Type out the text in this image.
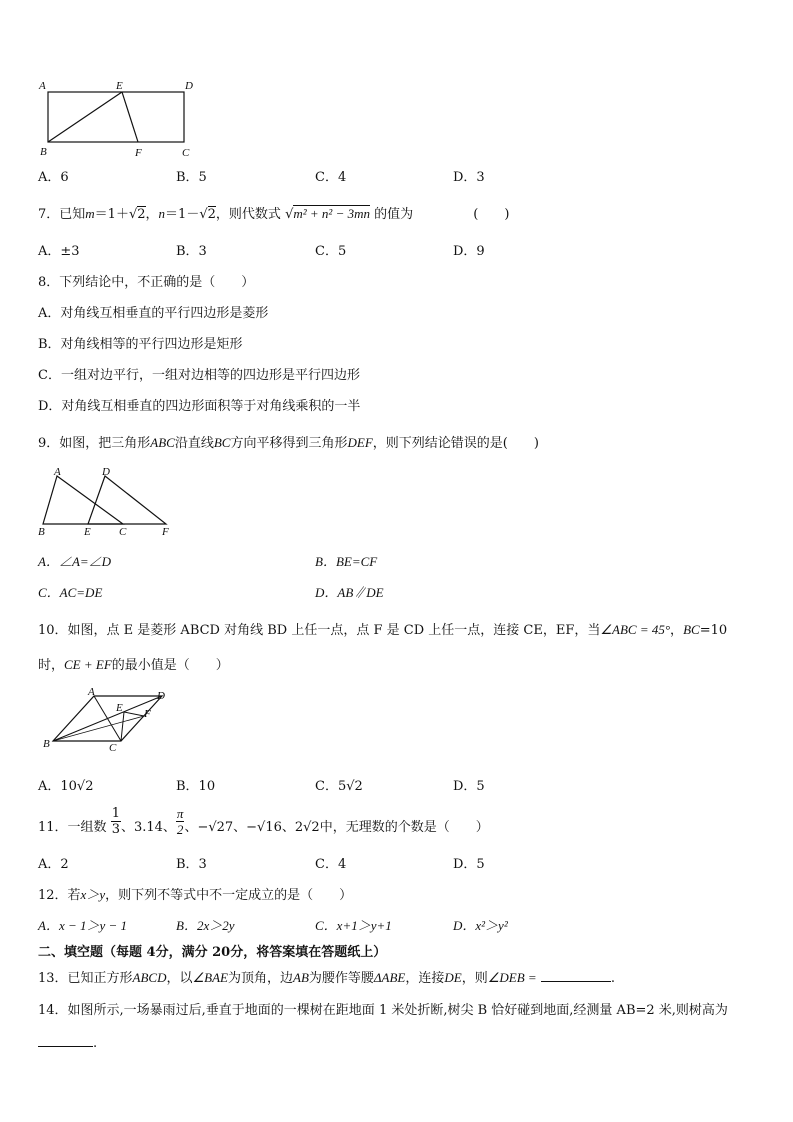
A	E	D
B	F	C
A．6	B．5	C．4	D．3
7．已知m＝1＋√2，n＝1－√2，则代数式 √m² + n² − 3mn 的值为	(　　)
A．±3	B．3	C．5	D．9
8．下列结论中，不正确的是（　　）
A．对角线互相垂直的平行四边形是菱形
B．对角线相等的平行四边形是矩形
C．一组对边平行，一组对边相等的四边形是平行四边形
D．对角线互相垂直的四边形面积等于对角线乘积的一半
9．如图，把三角形ABC沿直线BC方向平移得到三角形DEF，则下列结论错误的是(　　)
A	D
B	E	C	F
A．∠A=∠D	B．BE=CF
C．AC=DE	D．AB∥DE
10．如图，点 E 是菱形 ABCD 对角线 BD 上任一点，点 F 是 CD 上任一点，连接 CE，EF，当∠ABC = 45°，BC=10
时，CE + EF的最小值是（　　）
A	D
E F
B	C
A．10√2	B．10	C．5√2	D．5
11．一组数 $\frac{1}{3}$ 、3.14、 $\frac{\pi}{2}$ 、−√27、−√16、2√2中，无理数的个数是（　　）
A．2	B．3	C．4	D．5
12．若x＞y，则下列不等式中不一定成立的是（　　）
A．x − 1＞y − 1	B．2x＞2y	C．x+1＞y+1	D．x²＞y²
二、填空题（每题 4分，满分 20分，将答案填在答题纸上）
13．已知正方形ABCD，以∠BAE为顶角，边AB为腰作等腰ΔABE，连接DE，则∠DEB =	.
14．如图所示,一场暴雨过后,垂直于地面的一棵树在距地面 1 米处折断,树尖 B 恰好碰到地面,经测量 AB=2 米,则树高为
.
